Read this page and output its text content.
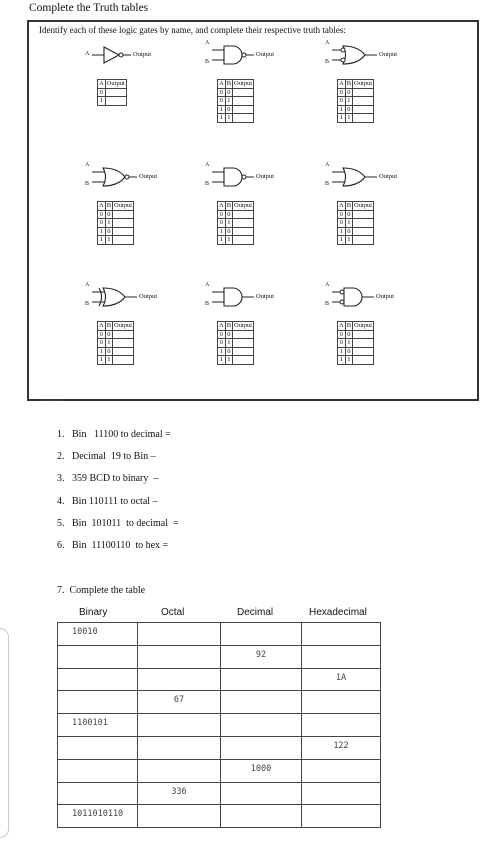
Complete the Truth tables
Identify each of these logic gates by name, and complete their respective truth tables:
Output
A
A	Output
0	
1	
Output
A
B
A	B	Output
0	0	
0	1	
1	0	
1	1	
Output
A
B
A	B	Output
0	0	
0	1	
1	0	
1	1	
Output
A
B
A	B	Output
0	0	
0	1	
1	0	
1	1	
Output
A
B
A	B	Output
0	0	
0	1	
1	0	
1	1	
Output
A
B
A	B	Output
0	0	
0	1	
1	0	
1	1	
Output
A
B
A	B	Output
0	0	
0	1	
1	0	
1	1	
Output
A
B
A	B	Output
0	0	
0	1	
1	0	
1	1	
Output
A
B
A	B	Output
0	0	
0	1	
1	0	
1	1	
·· ·····
1. Bin   11100 to decimal =
2. Decimal  19 to Bin –
3. 359 BCD to binary  –
4. Bin 110111 to octal –
5. Bin  101011  to decimal  =
6. Bin  11100110  to hex =
7.  Complete the table
Binary	Octal	Decimal	Hexadecimal
10010			
		92	
			1A
	67		
1100101			
			122
		1000	
	336		
1011010110			
